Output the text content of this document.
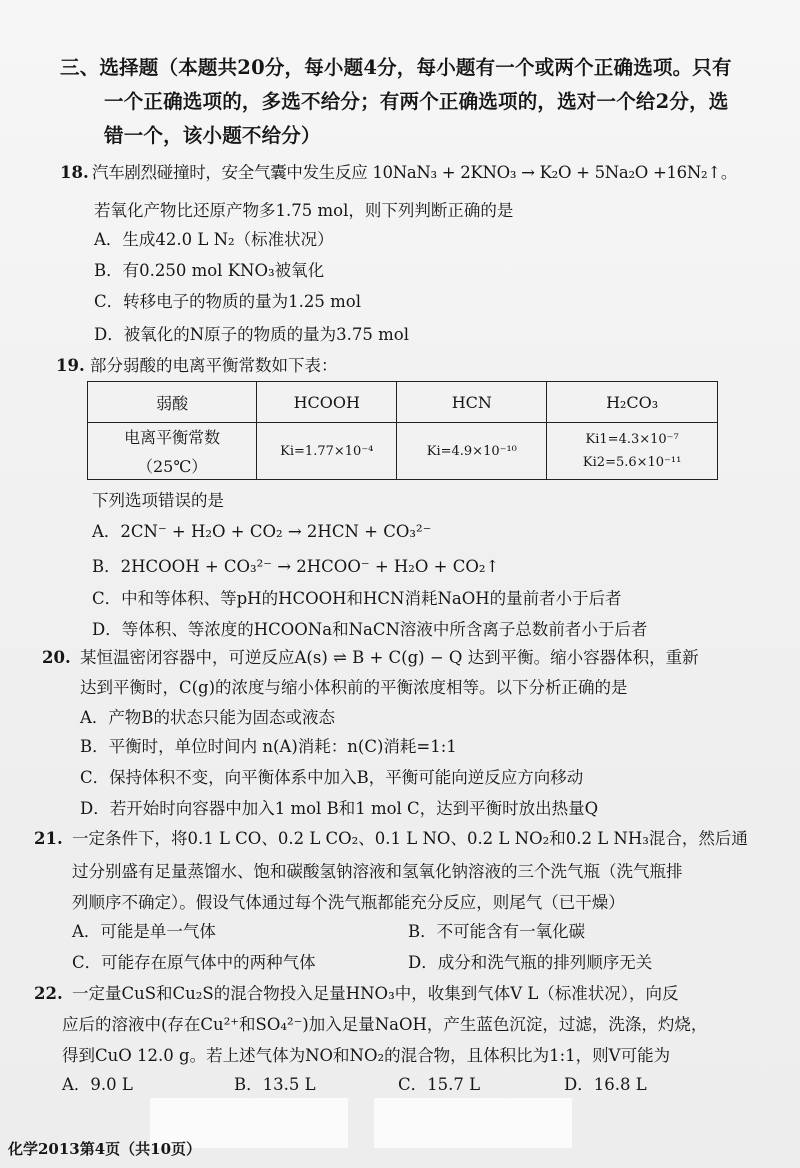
三、选择题（本题共20分，每小题4分，每小题有一个或两个正确选项。只有
一个正确选项的，多选不给分；有两个正确选项的，选对一个给2分，选
错一个，该小题不给分）
18. 汽车剧烈碰撞时，安全气囊中发生反应 10NaN₃ + 2KNO₃ → K₂O + 5Na₂O +16N₂↑。
若氧化产物比还原产物多1.75 mol，则下列判断正确的是
A．生成42.0 L N₂（标准状况）
B．有0.250 mol KNO₃被氧化
C．转移电子的物质的量为1.25 mol
D．被氧化的N原子的物质的量为3.75 mol
19. 部分弱酸的电离平衡常数如下表：
弱酸	HCOOH	HCN	H₂CO₃

电离平衡常数
（25℃）	Ki=1.77×10⁻⁴	Ki=4.9×10⁻¹⁰	Ki1=4.3×10⁻⁷
Ki2=5.6×10⁻¹¹
下列选项错误的是
A．2CN⁻ + H₂O + CO₂ → 2HCN + CO₃²⁻
B．2HCOOH + CO₃²⁻ → 2HCOO⁻ + H₂O + CO₂↑
C．中和等体积、等pH的HCOOH和HCN消耗NaOH的量前者小于后者
D．等体积、等浓度的HCOONa和NaCN溶液中所含离子总数前者小于后者
20. 某恒温密闭容器中，可逆反应A(s) ⇌ B + C(g) − Q 达到平衡。缩小容器体积，重新
达到平衡时，C(g)的浓度与缩小体积前的平衡浓度相等。以下分析正确的是
A．产物B的状态只能为固态或液态
B．平衡时，单位时间内 n(A)消耗：n(C)消耗=1:1
C．保持体积不变，向平衡体系中加入B，平衡可能向逆反应方向移动
D．若开始时向容器中加入1 mol B和1 mol C，达到平衡时放出热量Q
21. 一定条件下，将0.1 L CO、0.2 L CO₂、0.1 L NO、0.2 L NO₂和0.2 L NH₃混合，然后通
过分别盛有足量蒸馏水、饱和碳酸氢钠溶液和氢氧化钠溶液的三个洗气瓶（洗气瓶排
列顺序不确定）。假设气体通过每个洗气瓶都能充分反应，则尾气（已干燥）
A．可能是单一气体	B．不可能含有一氧化碳
C．可能存在原气体中的两种气体	D．成分和洗气瓶的排列顺序无关
22. 一定量CuS和Cu₂S的混合物投入足量HNO₃中，收集到气体V L（标准状况），向反
应后的溶液中(存在Cu²⁺和SO₄²⁻)加入足量NaOH，产生蓝色沉淀，过滤，洗涤，灼烧，
得到CuO 12.0 g。若上述气体为NO和NO₂的混合物，且体积比为1:1，则V可能为
A．9.0 L	B．13.5 L	C．15.7 L	D．16.8 L
化学2013第4页（共10页）
